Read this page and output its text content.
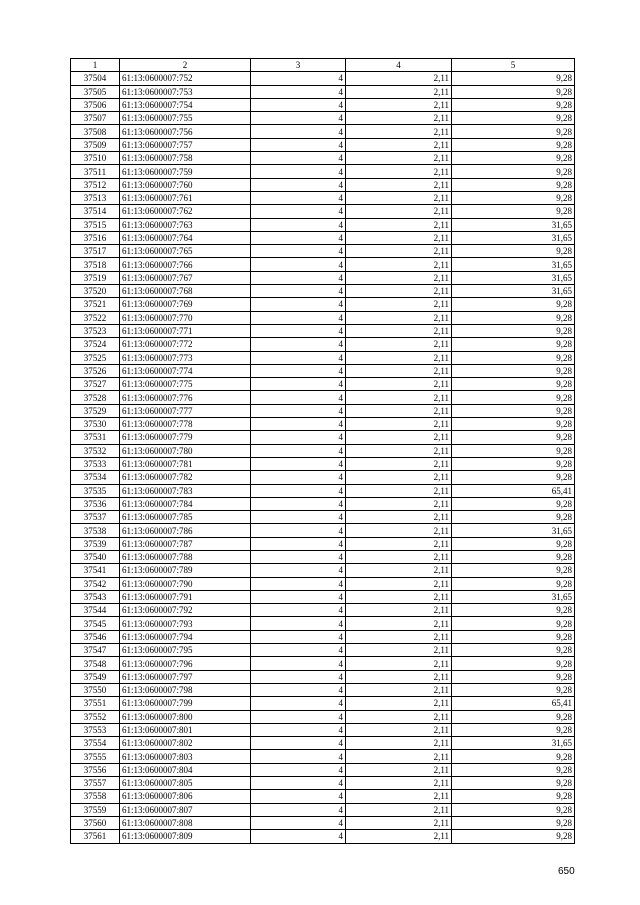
1	2	3	4	5
37504	61:13:0600007:752	4	2,11	9,28
37505	61:13:0600007:753	4	2,11	9,28
37506	61:13:0600007:754	4	2,11	9,28
37507	61:13:0600007:755	4	2,11	9,28
37508	61:13:0600007:756	4	2,11	9,28
37509	61:13:0600007:757	4	2,11	9,28
37510	61:13:0600007:758	4	2,11	9,28
37511	61:13:0600007:759	4	2,11	9,28
37512	61:13:0600007:760	4	2,11	9,28
37513	61:13:0600007:761	4	2,11	9,28
37514	61:13:0600007:762	4	2,11	9,28
37515	61:13:0600007:763	4	2,11	31,65
37516	61:13:0600007:764	4	2,11	31,65
37517	61:13:0600007:765	4	2,11	9,28
37518	61:13:0600007:766	4	2,11	31,65
37519	61:13:0600007:767	4	2,11	31,65
37520	61:13:0600007:768	4	2,11	31,65
37521	61:13:0600007:769	4	2,11	9,28
37522	61:13:0600007:770	4	2,11	9,28
37523	61:13:0600007:771	4	2,11	9,28
37524	61:13:0600007:772	4	2,11	9,28
37525	61:13:0600007:773	4	2,11	9,28
37526	61:13:0600007:774	4	2,11	9,28
37527	61:13:0600007:775	4	2,11	9,28
37528	61:13:0600007:776	4	2,11	9,28
37529	61:13:0600007:777	4	2,11	9,28
37530	61:13:0600007:778	4	2,11	9,28
37531	61:13:0600007:779	4	2,11	9,28
37532	61:13:0600007:780	4	2,11	9,28
37533	61:13:0600007:781	4	2,11	9,28
37534	61:13:0600007:782	4	2,11	9,28
37535	61:13:0600007:783	4	2,11	65,41
37536	61:13:0600007:784	4	2,11	9,28
37537	61:13:0600007:785	4	2,11	9,28
37538	61:13:0600007:786	4	2,11	31,65
37539	61:13:0600007:787	4	2,11	9,28
37540	61:13:0600007:788	4	2,11	9,28
37541	61:13:0600007:789	4	2,11	9,28
37542	61:13:0600007:790	4	2,11	9,28
37543	61:13:0600007:791	4	2,11	31,65
37544	61:13:0600007:792	4	2,11	9,28
37545	61:13:0600007:793	4	2,11	9,28
37546	61:13:0600007:794	4	2,11	9,28
37547	61:13:0600007:795	4	2,11	9,28
37548	61:13:0600007:796	4	2,11	9,28
37549	61:13:0600007:797	4	2,11	9,28
37550	61:13:0600007:798	4	2,11	9,28
37551	61:13:0600007:799	4	2,11	65,41
37552	61:13:0600007:800	4	2,11	9,28
37553	61:13:0600007:801	4	2,11	9,28
37554	61:13:0600007:802	4	2,11	31,65
37555	61:13:0600007:803	4	2,11	9,28
37556	61:13:0600007:804	4	2,11	9,28
37557	61:13:0600007:805	4	2,11	9,28
37558	61:13:0600007:806	4	2,11	9,28
37559	61:13:0600007:807	4	2,11	9,28
37560	61:13:0600007:808	4	2,11	9,28
37561	61:13:0600007:809	4	2,11	9,28
650
